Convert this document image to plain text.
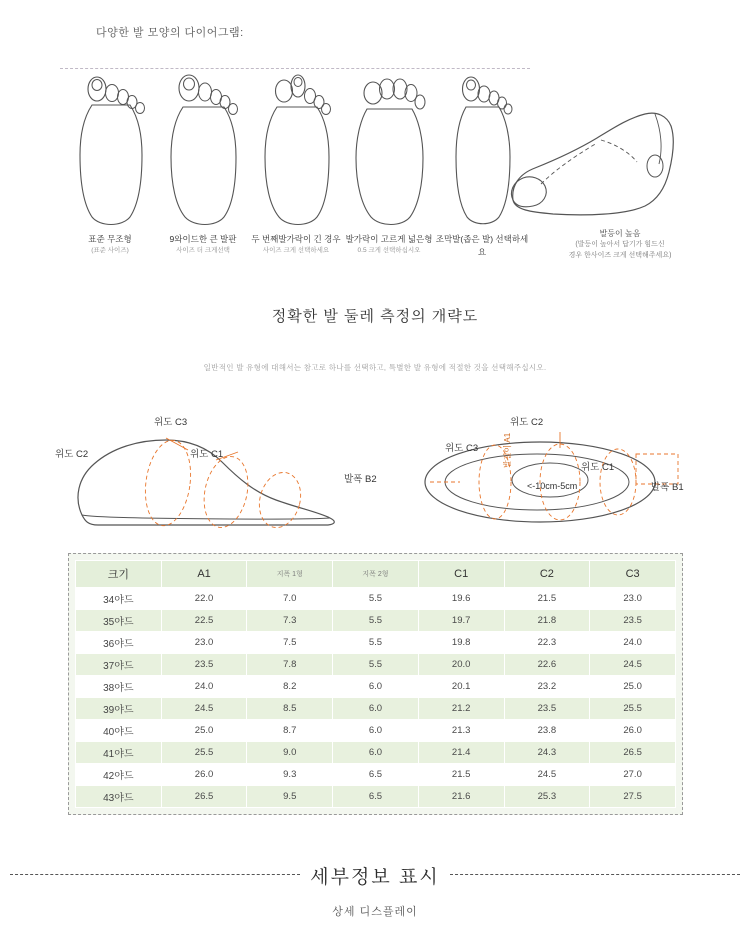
다양한 발 모양의 다이어그램:
표준 무조형
(표준 사이즈)
9와이드한 큰 발판
사이즈 더 크게선택
두 번째발가락이 긴 경우
사이즈 크게 선택하세요
발가락이 고르게 넓은형
0.5 크게 선택하십시오
조막발(좁은 발) 선택하세요
발등이 높음
(발등이 높아서 답기가 힘드신
경우 한사이즈 크게 선택해주세요)
정확한 발 둘레 측정의 개략도
일반적인 발 유형에 대해서는 참고로 하나를 선택하고, 특별한 발 유형에 적절한 것을 선택해주십시오.
위도 C3
위도 C2	위도 C1
위도 C2
위도 C3
위도 C1
발폭 B2
발폭 B1
<-10cm-5cm
발길이 A1
크기	A1	지폭 1형	지폭 2형	C1	C2	C3
34야드	22.0	7.0	5.5	19.6	21.5	23.0
35야드	22.5	7.3	5.5	19.7	21.8	23.5
36야드	23.0	7.5	5.5	19.8	22.3	24.0
37야드	23.5	7.8	5.5	20.0	22.6	24.5
38야드	24.0	8.2	6.0	20.1	23.2	25.0
39야드	24.5	8.5	6.0	21.2	23.5	25.5
40야드	25.0	8.7	6.0	21.3	23.8	26.0
41야드	25.5	9.0	6.0	21.4	24.3	26.5
42야드	26.0	9.3	6.5	21.5	24.5	27.0
43야드	26.5	9.5	6.5	21.6	25.3	27.5
세부정보 표시
상세 디스플레이
